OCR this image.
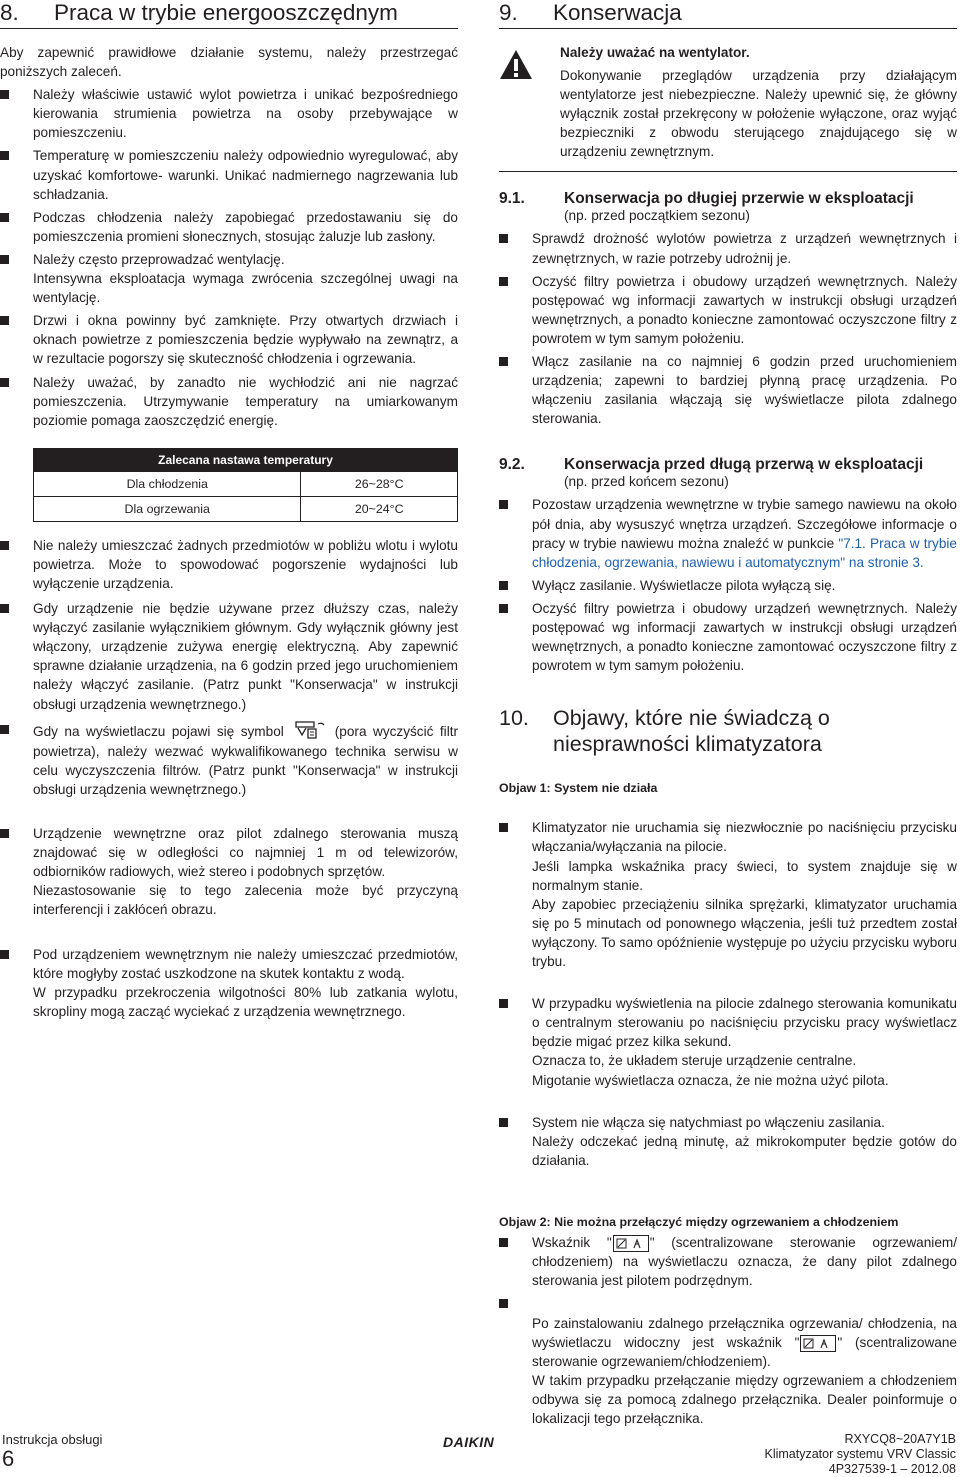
8.	Praca w trybie energooszczędnym

Aby zapewnić prawidłowe działanie systemu, należy przestrzegać poniższych zaleceń.

Należy właściwie ustawić wylot powietrza i unikać bezpośredniego kierowania strumienia powietrza na osoby przebywające w pomieszczeniu.
Temperaturę w pomieszczeniu należy odpowiednio wyregulować, aby uzyskać komfortowe- warunki. Unikać nadmiernego nagrzewania lub schładzania.
Podczas chłodzenia należy zapobiegać przedostawaniu się do pomieszczenia promieni słonecznych, stosując żaluzje lub zasłony.
Należy często przeprowadzać wentylację.
Intensywna eksploatacja wymaga zwrócenia szczególnej uwagi na wentylację.
Drzwi i okna powinny być zamknięte. Przy otwartych drzwiach i oknach powietrze z pomieszczenia będzie wypływało na zewnątrz, a w rezultacie pogorszy się skuteczność chłodzenia i ogrzewania.
Należy uważać, by zanadto nie wychłodzić ani nie nagrzać pomieszczenia. Utrzymywanie temperatury na umiarkowanym poziomie pomaga zaoszczędzić energię.
Zalecana nastawa temperatury	
Dla chłodzenia	26~28°C
Dla ogrzewania	20~24°C
Nie należy umieszczać żadnych przedmiotów w pobliżu wlotu i wylotu powietrza. Może to spowodować pogorszenie wydajności lub wyłączenie urządzenia.
Gdy urządzenie nie będzie używane przez dłuższy czas, należy wyłączyć zasilanie wyłącznikiem głównym. Gdy wyłącznik główny jest włączony, urządzenie zużywa energię elektryczną. Aby zapewnić sprawne działanie urządzenia, na 6 godzin przed jego uruchomieniem należy włączyć zasilanie. (Patrz punkt "Konserwacja" w instrukcji obsługi urządzenia wewnętrznego.)
Gdy na wyświetlaczu pojawi się symbol	(pora wyczyścić filtr powietrza), należy wezwać wykwalifikowanego technika serwisu w celu wyczyszczenia filtrów. (Patrz punkt "Konserwacja" w instrukcji obsługi urządzenia wewnętrznego.)

Urządzenie wewnętrzne oraz pilot zdalnego sterowania muszą znajdować się w odległości co najmniej 1 m od telewizorów, odbiorników radiowych, wież stereo i podobnych sprzętów.
Niezastosowanie się to tego zalecenia może być przyczyną interferencji i zakłóceń obrazu.

Pod urządzeniem wewnętrznym nie należy umieszczać przedmiotów, które mogłyby zostać uszkodzone na skutek kontaktu z wodą.
W przypadku przekroczenia wilgotności 80% lub zatkania wylotu, skropliny mogą zacząć wyciekać z urządzenia wewnętrznego.

9.	Konserwacja
Należy uważać na wentylator.

Dokonywanie przeglądów urządzenia przy działającym wentylatorze jest niebezpieczne. Należy upewnić się, że główny wyłącznik został przekręcony w położenie wyłączone, oraz wyjąć bezpieczniki z obwodu sterującego znajdującego się w urządzeniu zewnętrznym.

9.1.	Konserwacja po długiej przerwie w eksploatacji
(np. przed początkiem sezonu)
Sprawdź drożność wylotów powietrza z urządzeń wewnętrznych i zewnętrznych, w razie potrzeby udrożnij je.
Oczyść filtry powietrza i obudowy urządzeń wewnętrznych. Należy postępować wg informacji zawartych w instrukcji obsługi urządzeń wewnętrznych, a ponadto konieczne zamontować oczyszczone filtry z powrotem w tym samym położeniu.
Włącz zasilanie na co najmniej 6 godzin przed uruchomieniem urządzenia; zapewni to bardziej płynną pracę urządzenia. Po włączeniu zasilania włączają się wyświetlacze pilota zdalnego sterowania.
9.2.	Konserwacja przed długą przerwą w eksploatacji
(np. przed końcem sezonu)
Pozostaw urządzenia wewnętrzne w trybie samego nawiewu na około pół dnia, aby wysuszyć wnętrza urządzeń. Szczegółowe informacje o pracy w trybie nawiewu można znaleźć w punkcie "7.1. Praca w trybie chłodzenia, ogrzewania, nawiewu i automatycznym" na stronie 3.
Wyłącz zasilanie. Wyświetlacze pilota wyłączą się.
Oczyść filtry powietrza i obudowy urządzeń wewnętrznych. Należy postępować wg informacji zawartych w instrukcji obsługi urządzeń wewnętrznych, a ponadto konieczne zamontować oczyszczone filtry z powrotem w tym samym położeniu.
10.	Objawy, które nie świadczą o niesprawności klimatyzatora
Objaw 1: System nie działa

Klimatyzator nie uruchamia się niezwłocznie po naciśnięciu przycisku włączania/wyłączania na pilocie.
Jeśli lampka wskaźnika pracy świeci, to system znajduje się w normalnym stanie.
Aby zapobiec przeciążeniu silnika sprężarki, klimatyzator uruchamia się po 5 minutach od ponownego włączenia, jeśli tuż przedtem został wyłączony. To samo opóźnienie występuje po użyciu przycisku wyboru trybu.

W przypadku wyświetlenia na pilocie zdalnego sterowania komunikatu o centralnym sterowaniu po naciśnięciu przycisku pracy wyświetlacz będzie migać przez kilka sekund.
Oznacza to, że układem steruje urządzenie centralne.
Migotanie wyświetlacza oznacza, że nie można użyć pilota.

System nie włącza się natychmiast po włączeniu zasilania.
Należy odczekać jedną minutę, aż mikrokomputer będzie gotów do działania.

Objaw 2: Nie można przełączyć między ogrzewaniem a chłodzeniem
Wskaźnik "	" (scentralizowane sterowanie ogrzewaniem/ chłodzeniem) na wyświetlaczu oznacza, że dany pilot zdalnego sterowania jest pilotem podrzędnym.

Po zainstalowaniu zdalnego przełącznika ogrzewania/ chłodzenia, na wyświetlaczu widoczny jest wskaźnik "	" (scentralizowane sterowanie ogrzewaniem/chłodzeniem).
W takim przypadku przełączanie między ogrzewaniem a chłodzeniem odbywa się za pomocą zdalnego przełącznika. Dealer poinformuje o lokalizacji tego przełącznika.

Instrukcja obsługi
6
DAIKIN	RXYCQ8~20A7Y1B
Klimatyzator systemu VRV Classic
4P327539-1 – 2012.08
